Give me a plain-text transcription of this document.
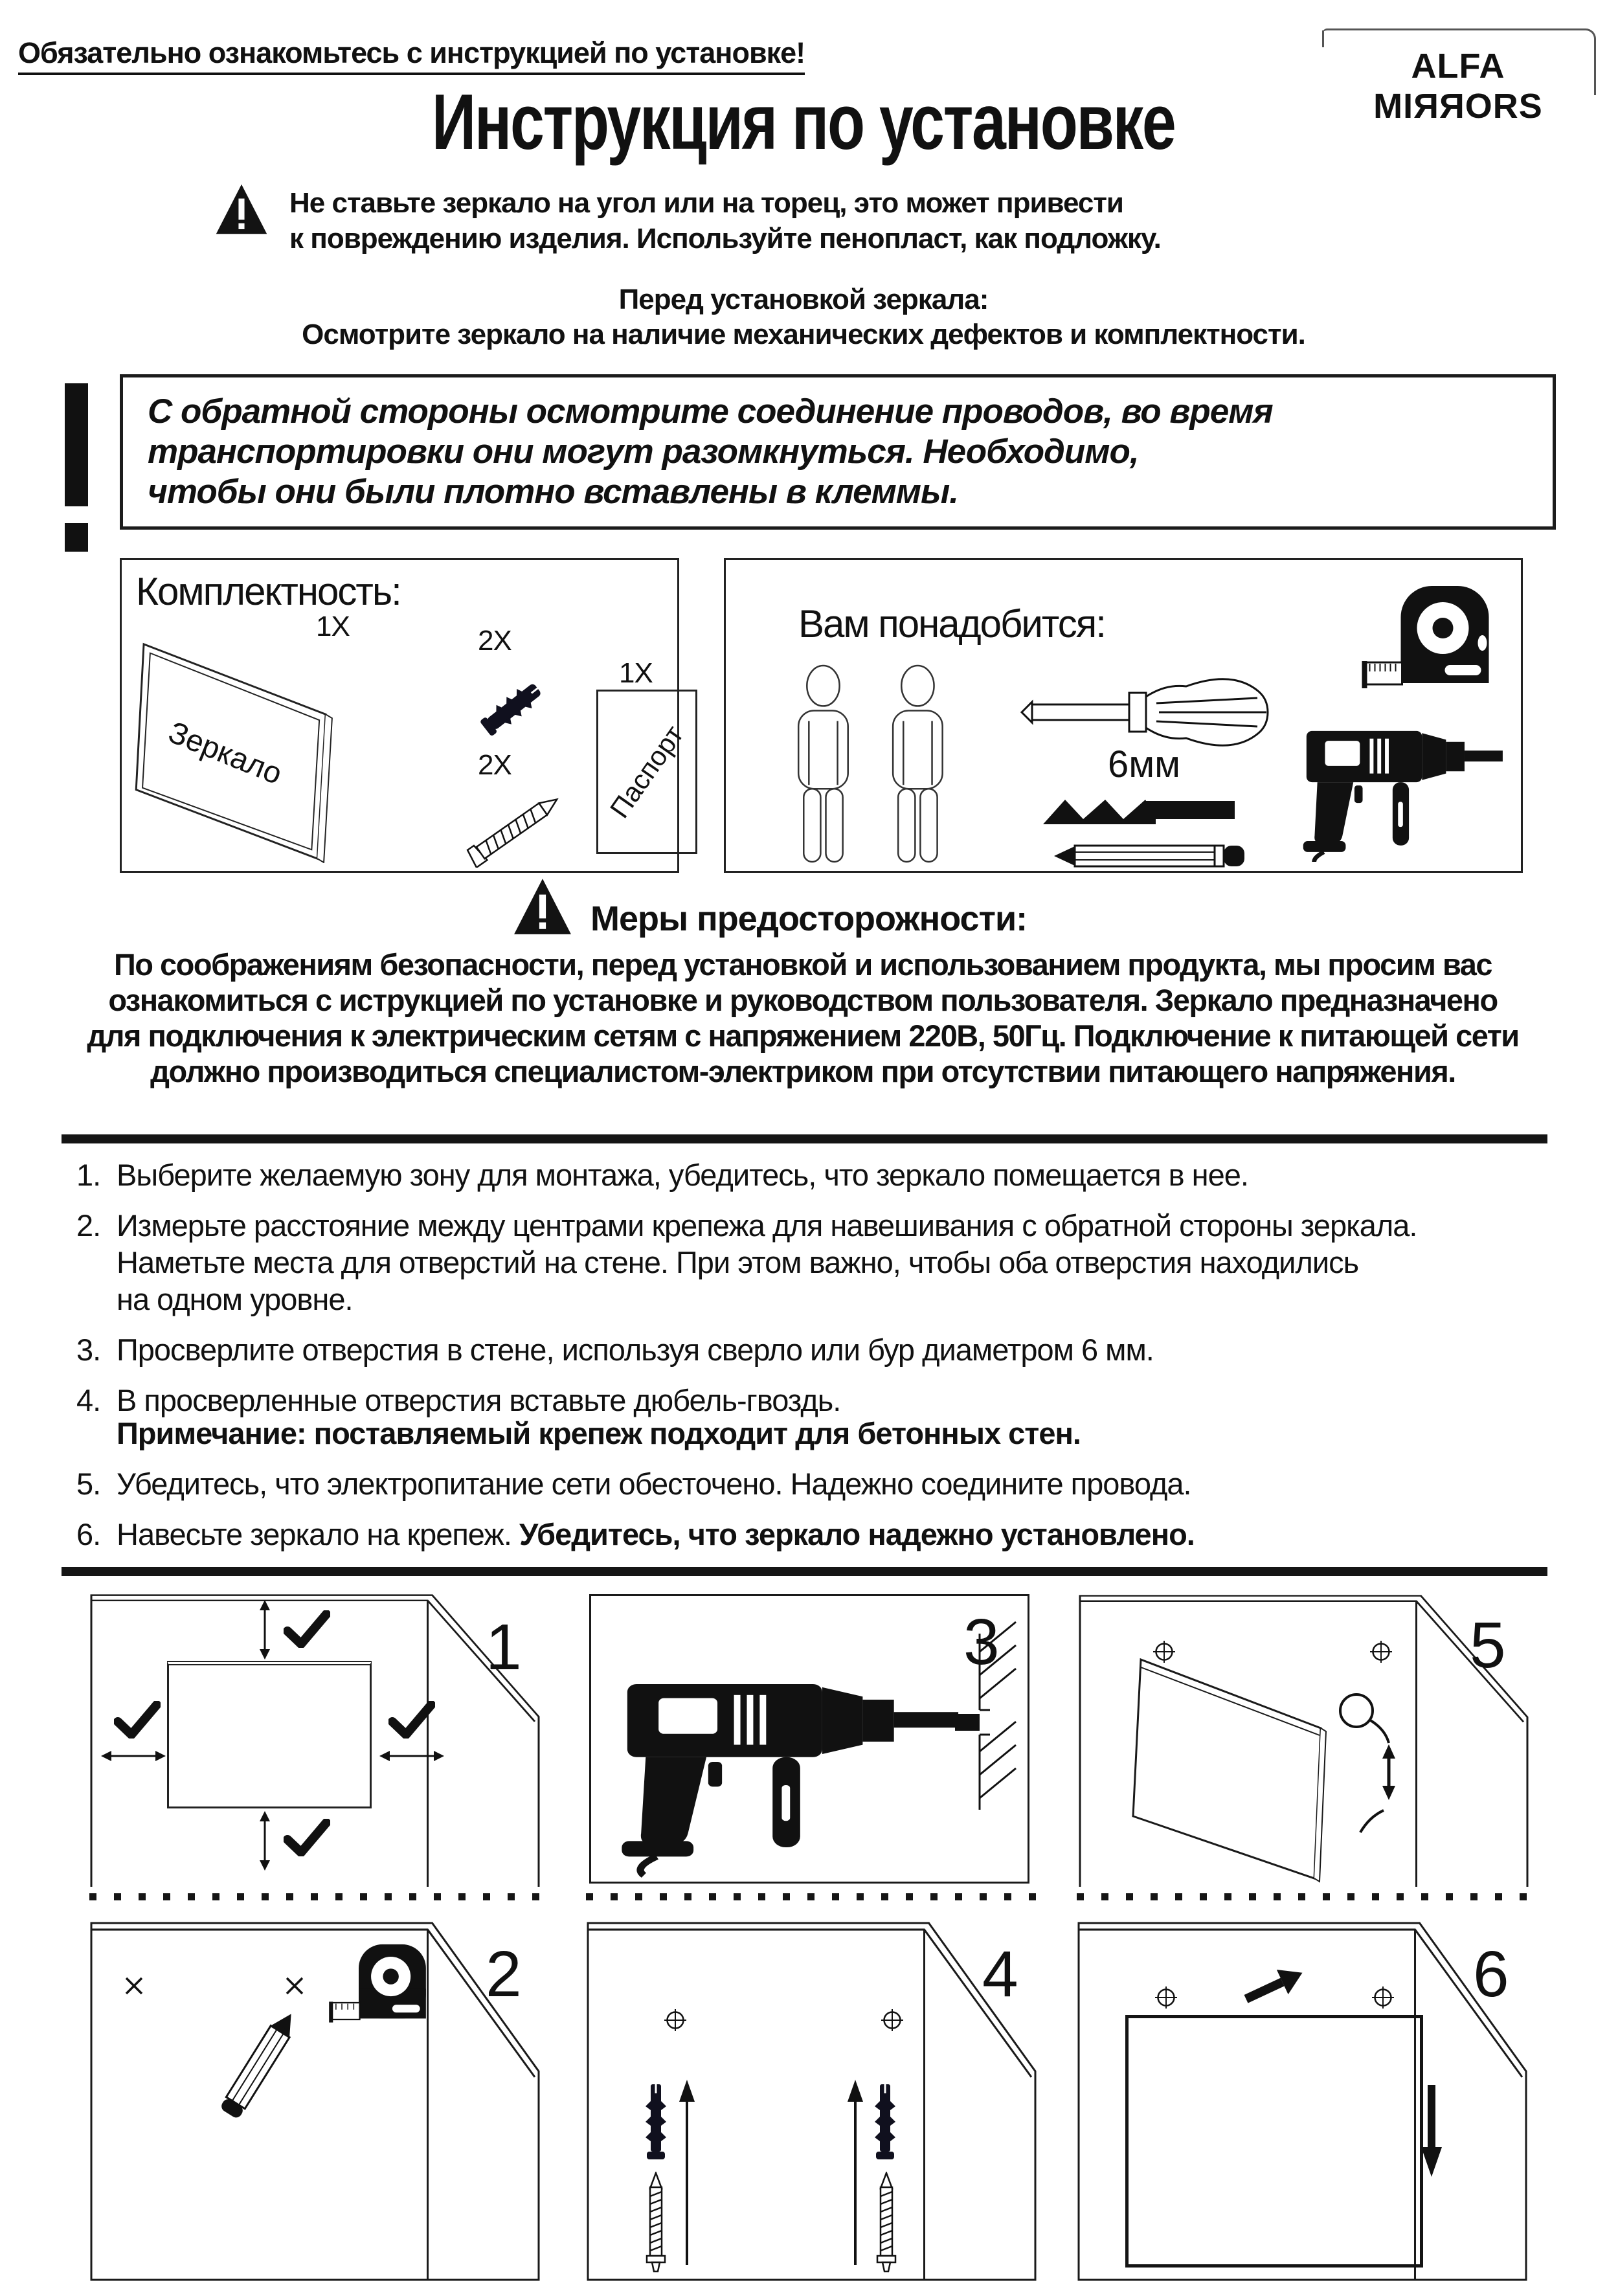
Обязательно ознакомьтесь с инструкцией по установке!	ALFA MIЯЯORS
Инструкция по установке
Не ставьте зеркало на угол или на торец, это может привести
к повреждению изделия. Используйте пенопласт, как подложку.
Перед установкой зеркала:
Осмотрите зеркало на наличие механических дефектов и комплектности.
С обратной стороны осмотрите соединение проводов, во время
транспортировки они могут разомкнуться. Необходимо,
чтобы они были плотно вставлены в клеммы.
Комплектность:
1X
Зеркало
2X
2X
1X
Паспорт
Вам понадобится:
6мм
Меры предосторожности:
По соображениям безопасности, перед установкой и использованием продукта, мы просим вас ознакомиться с иструкцией по установке и руководством пользователя. Зеркало предназначено для подключения к электрическим сетям с напряжением 220В, 50Гц. Подключение к питающей сети должно производиться специалистом-электриком при отсутствии питающего напряжения.
1. Выберите желаемую зону для монтажа, убедитесь, что зеркало помещается в нее.
2. Измерьте расстояние между центрами крепежа для навешивания с обратной стороны зеркала.
Наметьте места для отверстий на стене. При этом важно, чтобы оба отверстия находились
на одном уровне.
3. Просверлите отверстия в стене, используя сверло или бур диаметром 6 мм.
4. В просверленные отверстия вставьте дюбель-гвоздь.
Примечание: поставляемый крепеж подходит для бетонных стен.
5. Убедитесь, что электропитание сети обесточено. Надежно соедините провода.
6. Навесьте зеркало на крепеж. Убедитесь, что зеркало надежно установлено.
1
2
3
4
5
6
